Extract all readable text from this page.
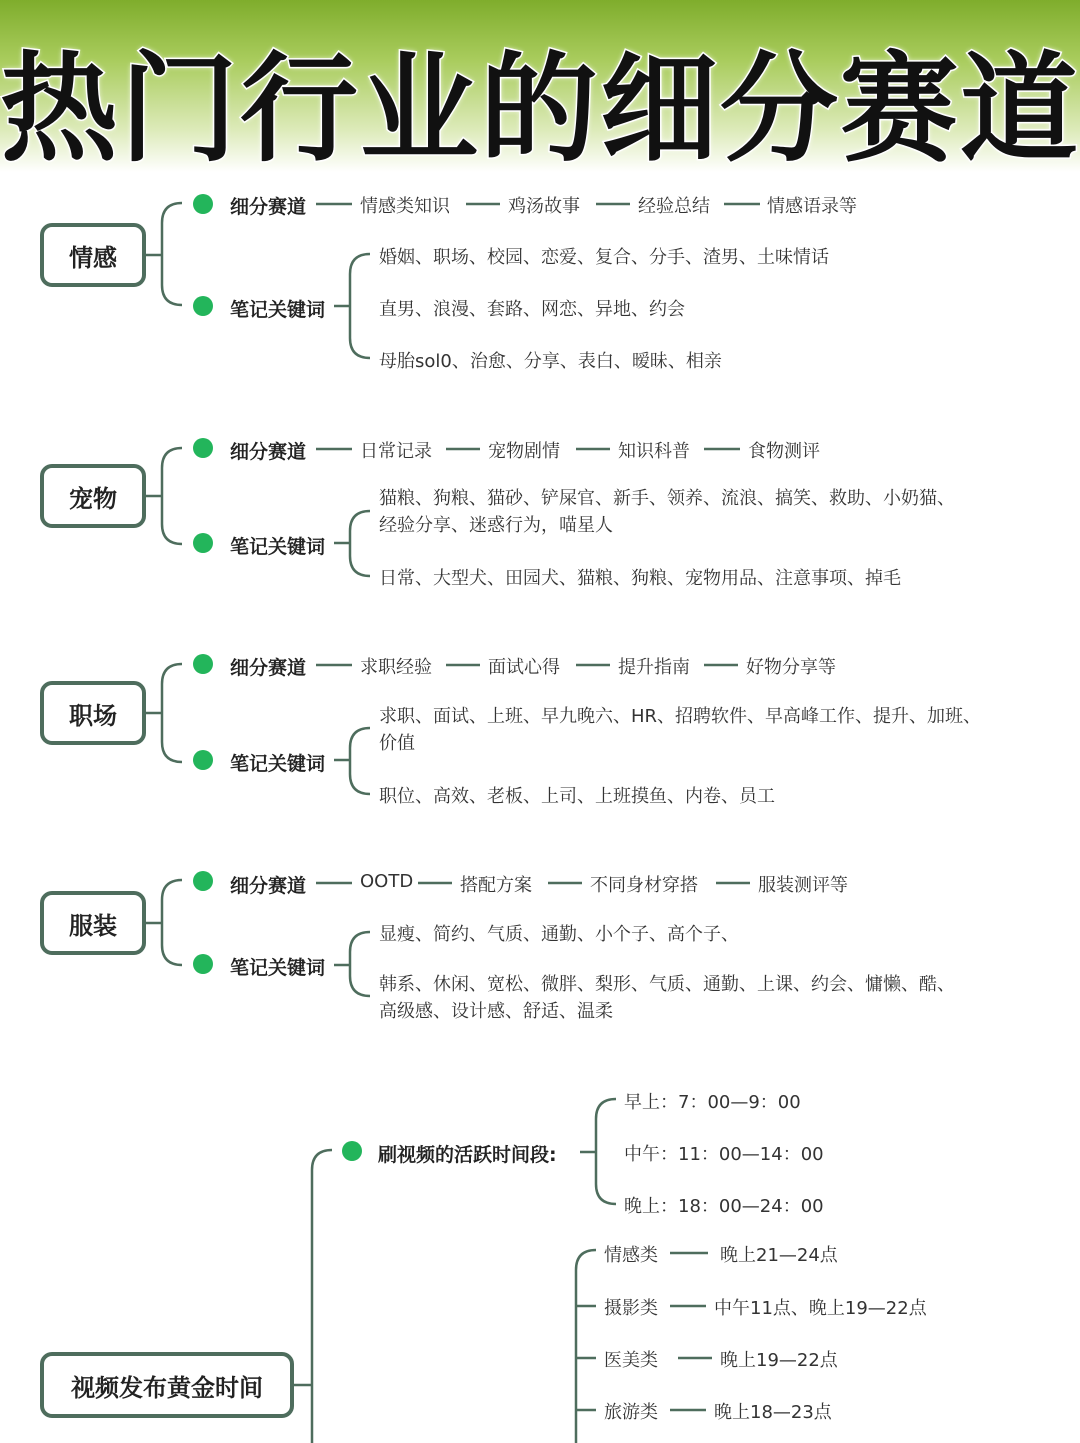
热门行业的细分赛道
情感
细分赛道	情感类知识	鸡汤故事	经验总结	情感语录等
笔记关键词
婚姻、职场、校园、恋爱、复合、分手、渣男、土味情话
直男、浪漫、套路、网恋、异地、约会
母胎sol0、治愈、分享、表白、暧昧、相亲
宠物
细分赛道	日常记录	宠物剧情	知识科普	食物测评
笔记关键词
猫粮、狗粮、猫砂、铲屎官、新手、领养、流浪、搞笑、救助、小奶猫、经验分享、迷惑行为，喵星人
日常、大型犬、田园犬、猫粮、狗粮、宠物用品、注意事项、掉毛
职场
细分赛道	求职经验	面试心得	提升指南	好物分享等
笔记关键词
求职、面试、上班、早九晚六、HR、招聘软件、早高峰工作、提升、加班、价值
职位、高效、老板、上司、上班摸鱼、内卷、员工
服装
细分赛道	OOTD	搭配方案	不同身材穿搭	服装测评等
笔记关键词
显瘦、简约、气质、通勤、小个子、高个子、
韩系、休闲、宽松、微胖、梨形、气质、通勤、上课、约会、慵懒、酷、高级感、设计感、舒适、温柔
视频发布黄金时间
刷视频的活跃时间段:
早上：7：00—9：00
中午：11：00—14：00
晚上：18：00—24：00
情感类	晚上21—24点
摄影类	中午11点、晚上19—22点
医美类	晚上19—22点
旅游类	晚上18—23点
